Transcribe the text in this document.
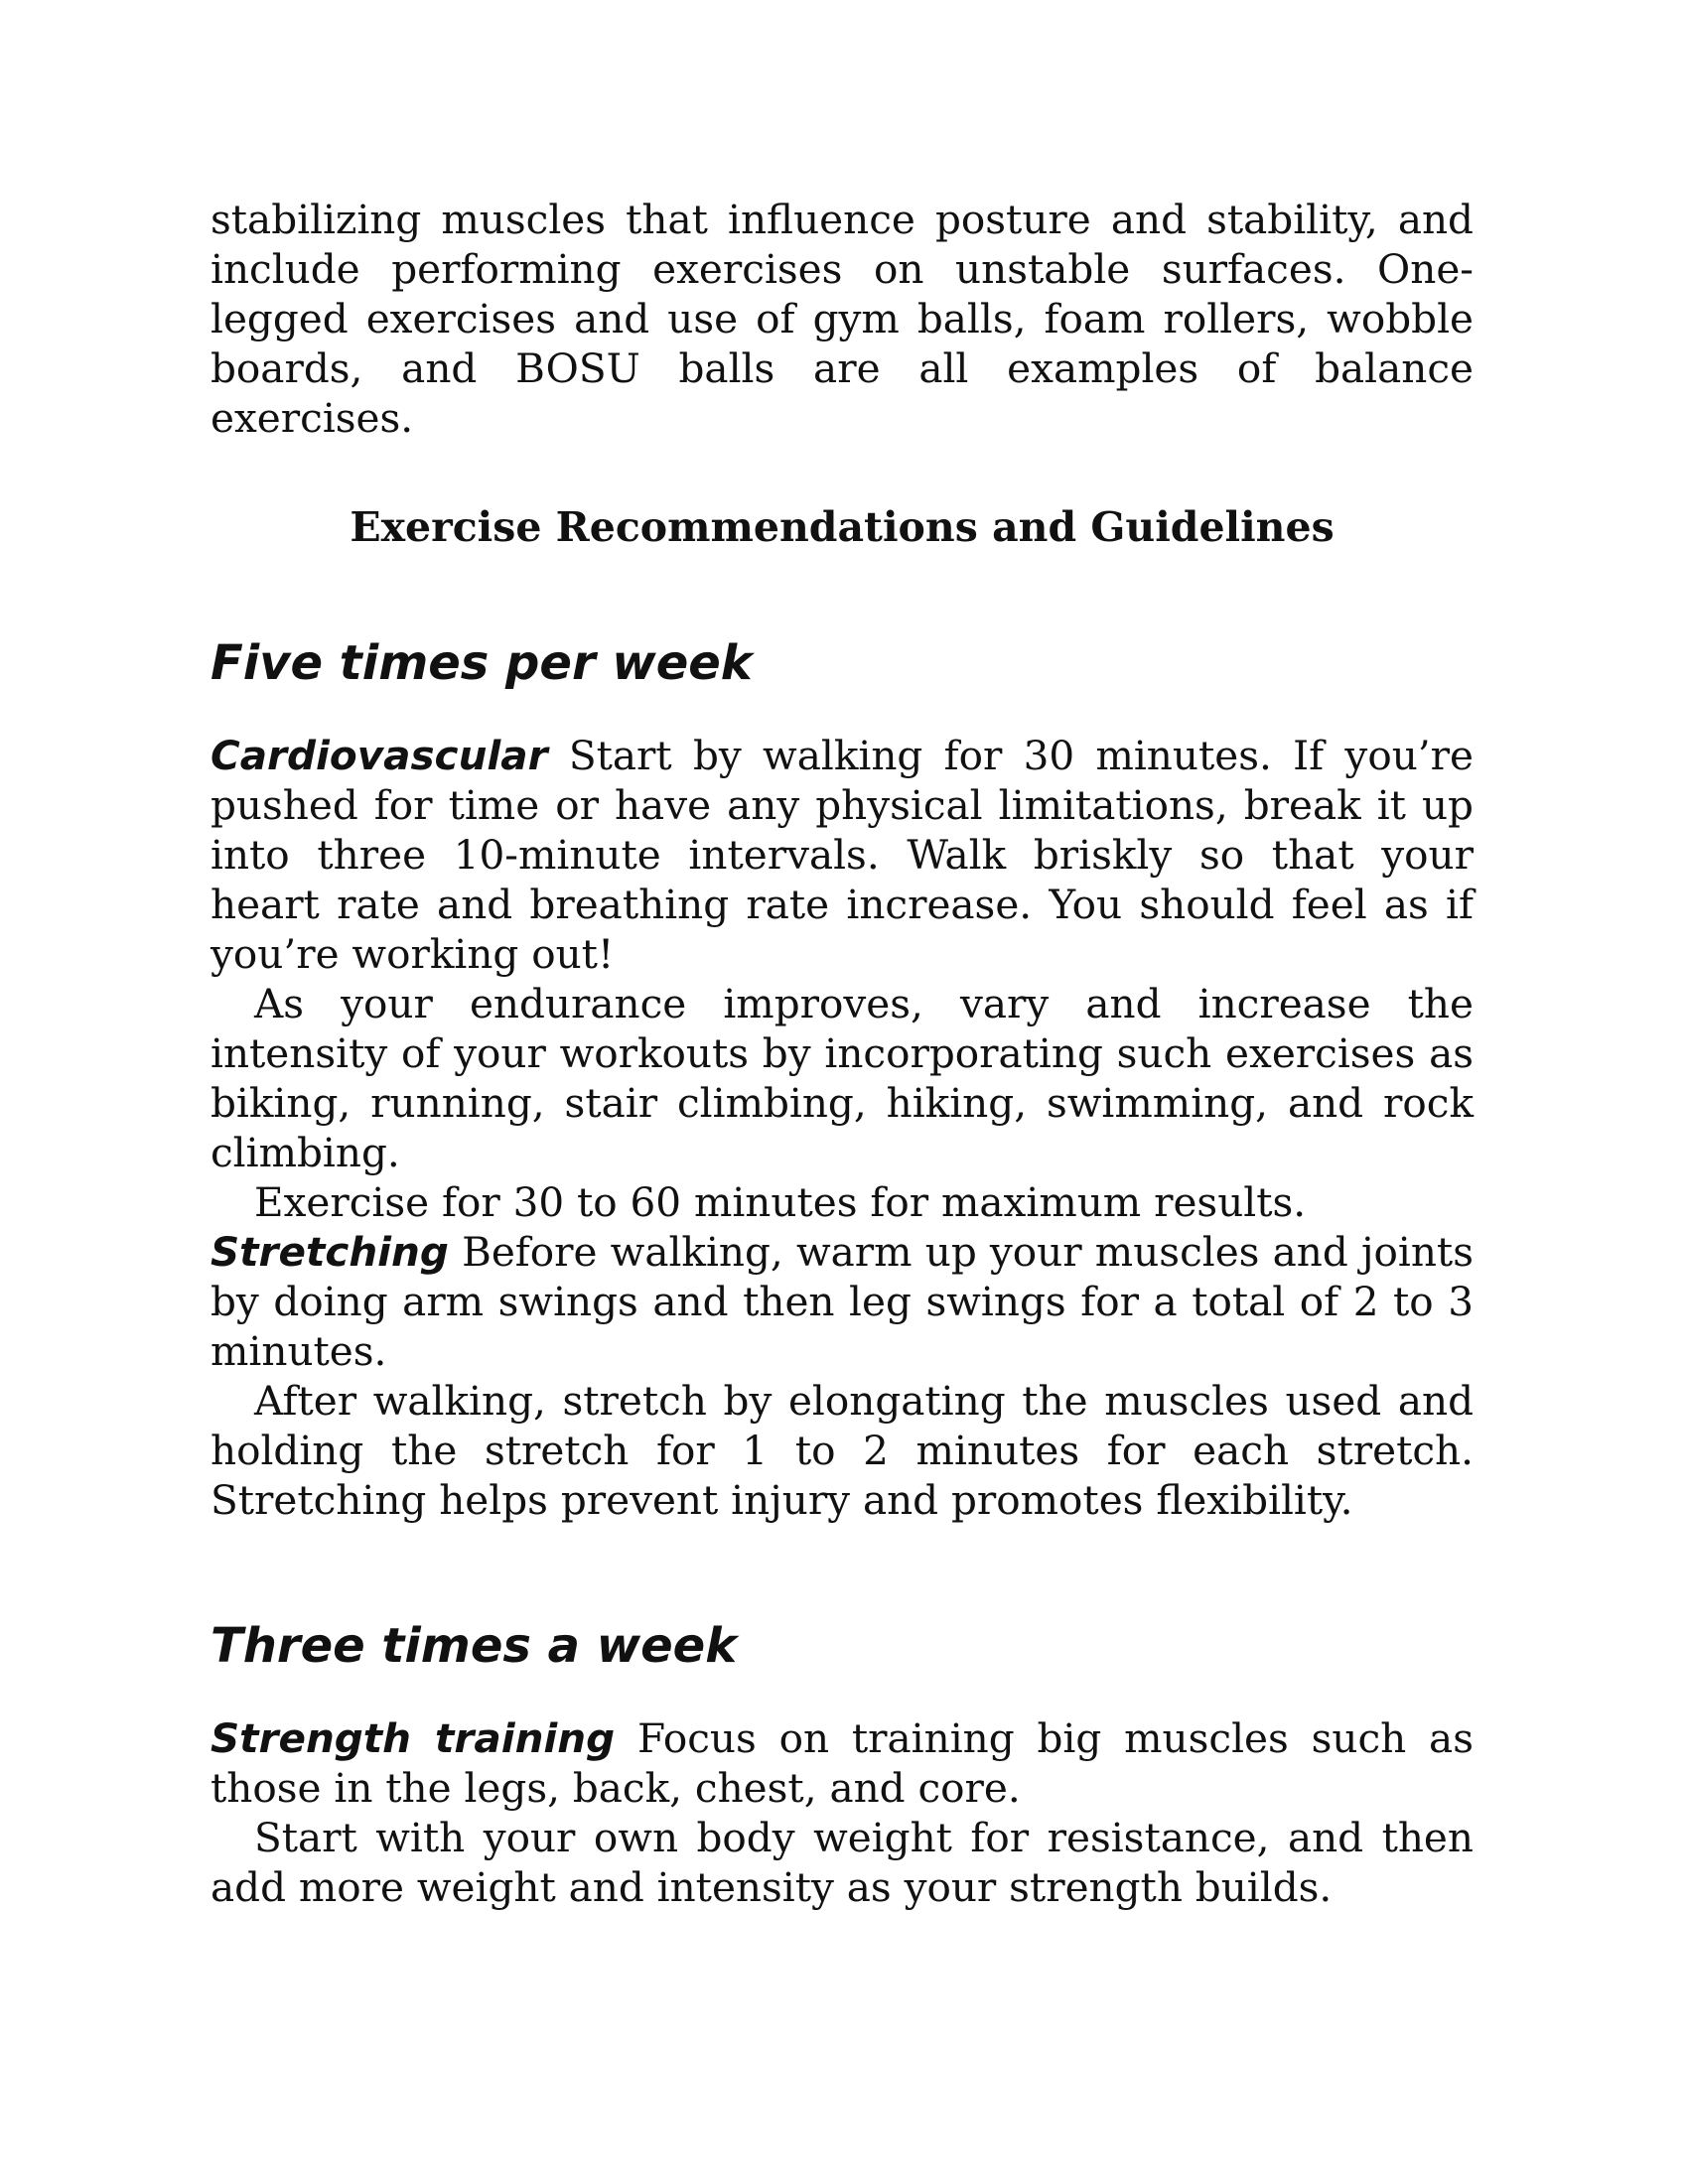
stabilizing muscles that influence posture and stability, and include performing exercises on unstable surfaces. One-legged exercises and use of gym balls, foam rollers, wobble boards, and BOSU balls are all examples of balance exercises.

Exercise Recommendations and Guidelines
Five times per week

Cardiovascular Start by walking for 30 minutes. If you’re pushed for time or have any physical limitations, break it up into three 10-minute intervals. Walk briskly so that your heart rate and breathing rate increase. You should feel as if you’re working out!

As your endurance improves, vary and increase the intensity of your workouts by incorporating such exercises as biking, running, stair climbing, hiking, swimming, and rock climbing.

Exercise for 30 to 60 minutes for maximum results.

Stretching Before walking, warm up your muscles and joints by doing arm swings and then leg swings for a total of 2 to 3 minutes.

After walking, stretch by elongating the muscles used and holding the stretch for 1 to 2 minutes for each stretch. Stretching helps prevent injury and promotes flexibility.

Three times a week

Strength training Focus on training big muscles such as those in the legs, back, chest, and core.

Start with your own body weight for resistance, and then add more weight and intensity as your strength builds.
